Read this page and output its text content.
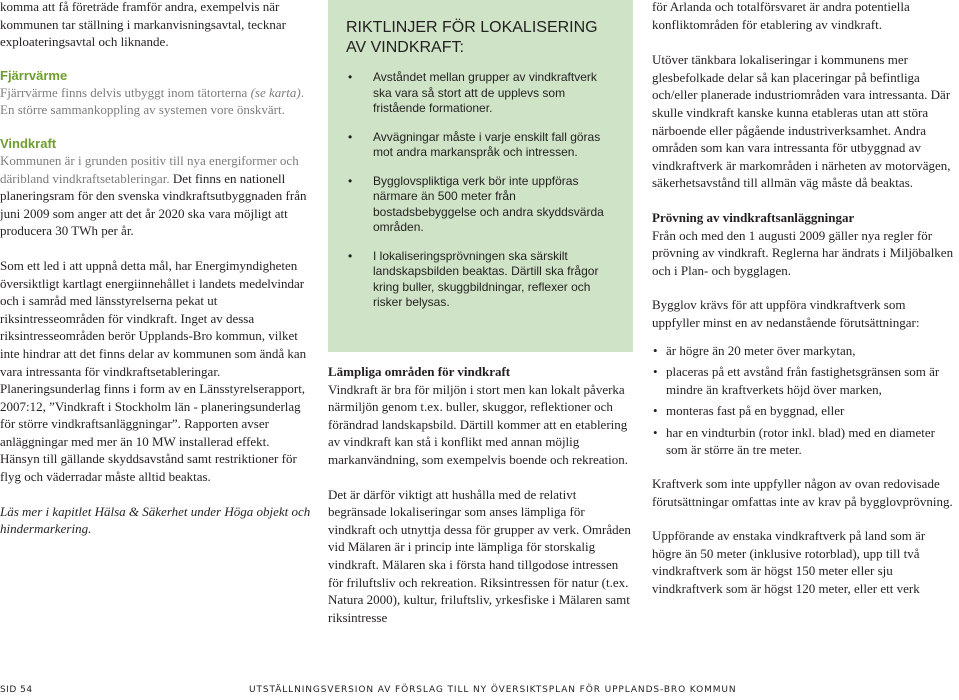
komma att få företräde framför andra, exempelvis när kommunen tar ställning i markanvisningsavtal, tecknar exploateringsavtal och liknande.

Fjärrvärme

Fjärrvärme finns delvis utbyggt inom tätorterna (se karta). En större sammankoppling av systemen vore önskvärt.

Vindkraft

Kommunen är i grunden positiv till nya energiformer och däribland vindkraftsetableringar. Det finns en nationell planeringsram för den svenska vindkraftsutbyggnaden från juni 2009 som anger att det år 2020 ska vara möjligt att producera 30 TWh per år.

Som ett led i att uppnå detta mål, har Energimyndigheten översiktligt kartlagt energiinnehållet i landets medelvindar och i samråd med länsstyrelserna pekat ut riksintresseområden för vindkraft. Inget av dessa riksintresseområden berör Upplands-Bro kommun, vilket inte hindrar att det finns delar av kommunen som ändå kan vara intressanta för vindkraftsetableringar. Planeringsunderlag finns i form av en Länsstyrelserapport, 2007:12, ”Vindkraft i Stockholm län - planeringsunderlag för större vindkraftsanläggningar”. Rapporten avser anläggningar med mer än 10 MW installerad effekt. Hänsyn till gällande skyddsavstånd samt restriktioner för flyg och väderradar måste alltid beaktas.

Läs mer i kapitlet Hälsa & Säkerhet under Höga objekt och hindermarkering.

RIKTLINJER FÖR LOKALISERING AV VINDKRAFT:
• Avståndet mellan grupper av vindkraftverk ska vara så stort att de upplevs som fristående formationer.
• Avvägningar måste i varje enskilt fall göras mot andra markanspråk och intressen.
• Bygglovspliktiga verk bör inte uppföras närmare än 500 meter från bostadsbebyggelse och andra skyddsvärda områden.
• I lokaliseringsprövningen ska särskilt landskapsbilden beaktas. Därtill ska frågor kring buller, skuggbildningar, reflexer och risker belysas.

Lämpliga områden för vindkraft

Vindkraft är bra för miljön i stort men kan lokalt påverka närmiljön genom t.ex. buller, skuggor, reflektioner och förändrad landskapsbild. Därtill kommer att en etablering av vindkraft kan stå i konflikt med annan möjlig markanvändning, som exempelvis boende och rekreation.

Det är därför viktigt att hushålla med de relativt begränsade lokaliseringar som anses lämpliga för vindkraft och utnyttja dessa för grupper av verk. Områden vid Mälaren är i princip inte lämpliga för storskalig vindkraft. Mälaren ska i första hand tillgodose intressen för friluftsliv och rekreation. Riksintressen för natur (t.ex. Natura 2000), kultur, friluftsliv, yrkesfiske i Mälaren samt riksintresse

för Arlanda och totalförsvaret är andra potentiella konfliktområden för etablering av vindkraft.

Utöver tänkbara lokaliseringar i kommunens mer glesbefolkade delar så kan placeringar på befintliga och/eller planerade industriområden vara intressanta. Där skulle vindkraft kanske kunna etableras utan att störa närboende eller pågående industriverksamhet. Andra områden som kan vara intressanta för utbyggnad av vindkraftverk är markområden i närheten av motorvägen, säkerhetsavstånd till allmän väg måste då beaktas.

Prövning av vindkraftsanläggningar

Från och med den 1 augusti 2009 gäller nya regler för prövning av vindkraft. Reglerna har ändrats i Miljöbalken och i Plan- och bygglagen.

Bygglov krävs för att uppföra vindkraftverk som uppfyller minst en av nedanstående förutsättningar:

• är högre än 20 meter över markytan,
• placeras på ett avstånd från fastighetsgränsen som är mindre än kraftverkets höjd över marken,
• monteras fast på en byggnad, eller
• har en vindturbin (rotor inkl. blad) med en diameter som är större än tre meter.

Kraftverk som inte uppfyller någon av ovan redovisade förutsättningar omfattas inte av krav på bygglovprövning.

Uppförande av enstaka vindkraftverk på land som är högre än 50 meter (inklusive rotorblad), upp till två vindkraftverk som är högst 150 meter eller sju vindkraftverk som är högst 120 meter, eller ett verk

SID 54	UTSTÄLLNINGSVERSION AV FÖRSLAG TILL NY ÖVERSIKTSPLAN FÖR UPPLANDS-BRO KOMMUN
